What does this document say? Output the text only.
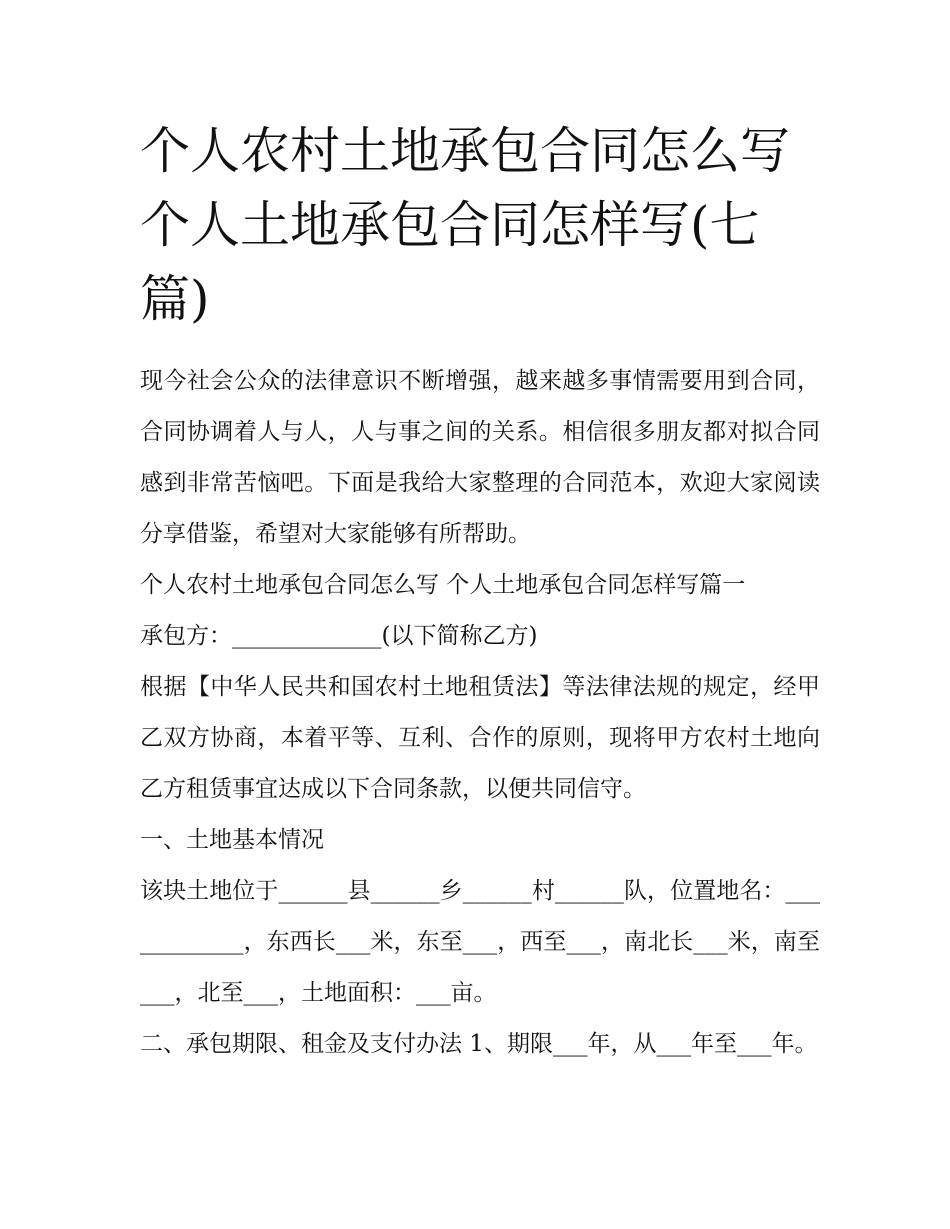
个人农村土地承包合同怎么写 个人土地承包合同怎样写(七篇)

现今社会公众的法律意识不断增强，越来越多事情需要用到合同，合同协调着人与人，人与事之间的关系。相信很多朋友都对拟合同感到非常苦恼吧。下面是我给大家整理的合同范本，欢迎大家阅读分享借鉴，希望对大家能够有所帮助。

个人农村土地承包合同怎么写 个人土地承包合同怎样写篇一

承包方：_____________(以下简称乙方)

根据【中华人民共和国农村土地租赁法】等法律法规的规定，经甲乙双方协商，本着平等、互利、合作的原则，现将甲方农村土地向乙方租赁事宜达成以下合同条款，以便共同信守。

一、土地基本情况

该块土地位于______县______乡______村______队，位置地名：____________，东西长___米，东至___，西至___，南北长___米，南至___，北至___，土地面积：___亩。

二、承包期限、租金及支付办法 1、期限___年，从___年至___年。
